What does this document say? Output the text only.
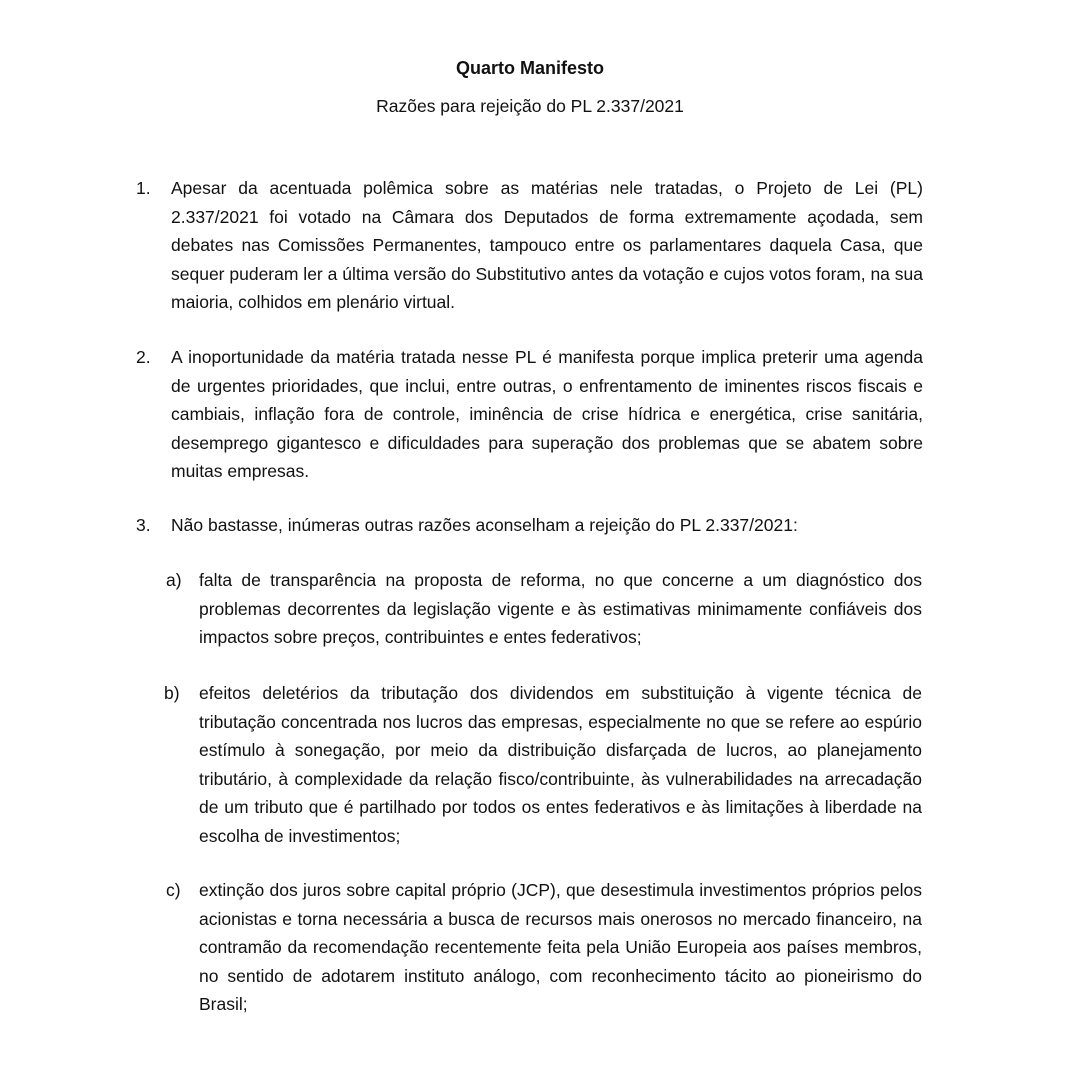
Quarto Manifesto
Razões para rejeição do PL 2.337/2021
1. Apesar da acentuada polêmica sobre as matérias nele tratadas, o Projeto de Lei (PL) 2.337/2021 foi votado na Câmara dos Deputados de forma extremamente açodada, sem debates nas Comissões Permanentes, tampouco entre os parlamentares daquela Casa, que sequer puderam ler a última versão do Substitutivo antes da votação e cujos votos foram, na sua maioria, colhidos em plenário virtual.
2. A inoportunidade da matéria tratada nesse PL é manifesta porque implica preterir uma agenda de urgentes prioridades, que inclui, entre outras, o enfrentamento de iminentes riscos fiscais e cambiais, inflação fora de controle, iminência de crise hídrica e energética, crise sanitária, desemprego gigantesco e dificuldades para superação dos problemas que se abatem sobre muitas empresas.
3. Não bastasse, inúmeras outras razões aconselham a rejeição do PL 2.337/2021:
a) falta de transparência na proposta de reforma, no que concerne a um diagnóstico dos problemas decorrentes da legislação vigente e às estimativas minimamente confiáveis dos impactos sobre preços, contribuintes e entes federativos;
b) efeitos deletérios da tributação dos dividendos em substituição à vigente técnica de tributação concentrada nos lucros das empresas, especialmente no que se refere ao espúrio estímulo à sonegação, por meio da distribuição disfarçada de lucros, ao planejamento tributário, à complexidade da relação fisco/contribuinte, às vulnerabilidades na arrecadação de um tributo que é partilhado por todos os entes federativos e às limitações à liberdade na escolha de investimentos;
c) extinção dos juros sobre capital próprio (JCP), que desestimula investimentos próprios pelos acionistas e torna necessária a busca de recursos mais onerosos no mercado financeiro, na contramão da recomendação recentemente feita pela União Europeia aos países membros, no sentido de adotarem instituto análogo, com reconhecimento tácito ao pioneirismo do Brasil;
